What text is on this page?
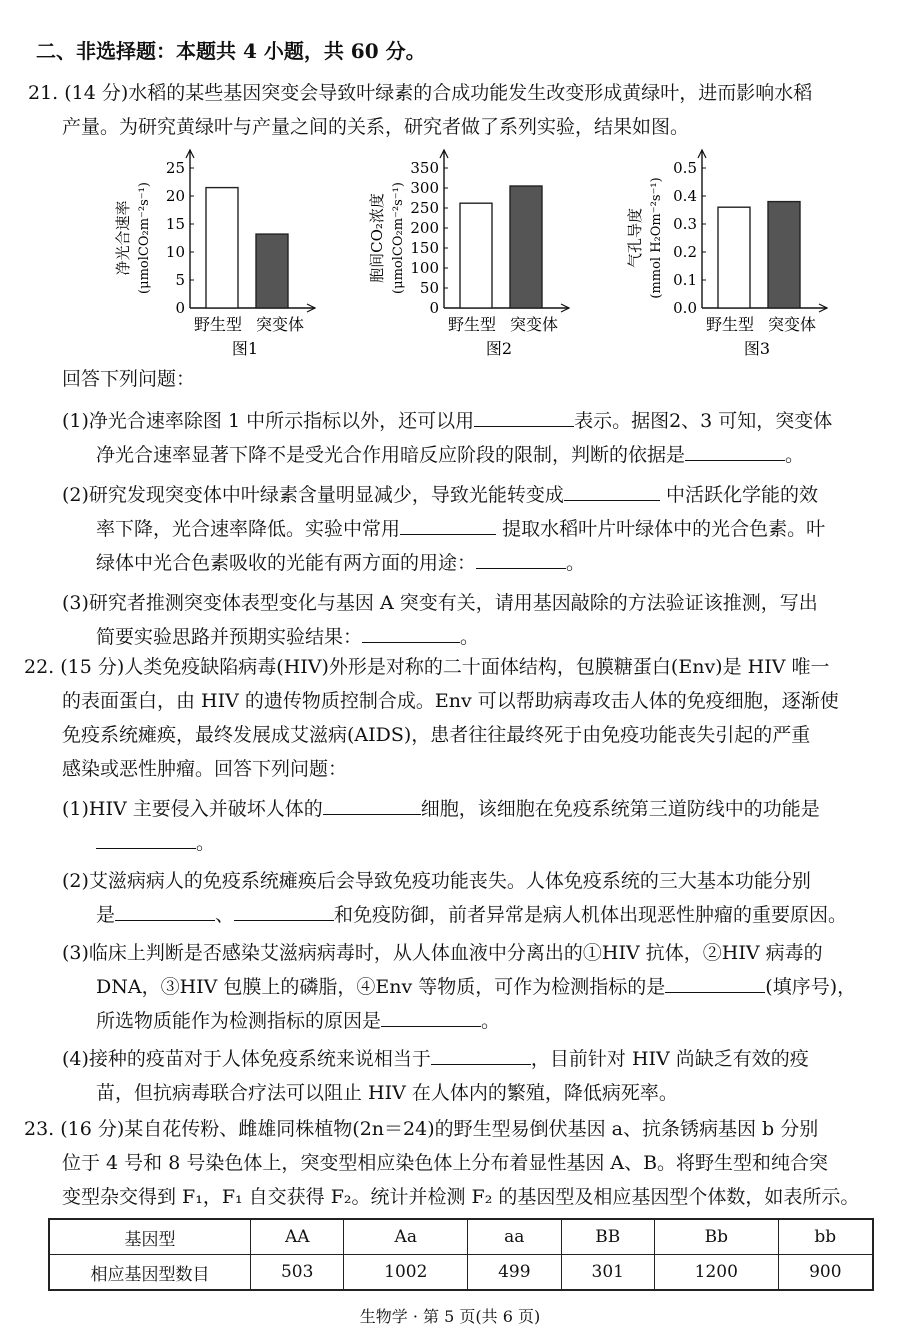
二、非选择题：本题共 4 小题，共 60 分。
21. (14 分)水稻的某些基因突变会导致叶绿素的合成功能发生改变形成黄绿叶，进而影响水稻
产量。为研究黄绿叶与产量之间的关系，研究者做了系列实验，结果如图。
净光合速率 (μmolCO₂m⁻²s⁻¹)
0
5
10
15
20
25
野生型 突变体
图1
胞间CO₂浓度 (μmolCO₂m⁻²s⁻¹)
0
50
100
150
200
250
300
350
野生型 突变体
图2
气孔导度 (mmol H₂Om⁻²s⁻¹)
0.0
0.1
0.2
0.3
0.4
0.5
野生型 突变体
图3
回答下列问题：
(1)净光合速率除图 1 中所示指标以外，还可以用	表示。据图2、3 可知，突变体
净光合速率显著下降不是受光合作用暗反应阶段的限制，判断的依据是	。
(2)研究发现突变体中叶绿素含量明显减少，导致光能转变成	中活跃化学能的效
率下降，光合速率降低。实验中常用	提取水稻叶片叶绿体中的光合色素。叶
绿体中光合色素吸收的光能有两方面的用途：	。
(3)研究者推测突变体表型变化与基因 A 突变有关，请用基因敲除的方法验证该推测，写出
简要实验思路并预期实验结果：	。
22. (15 分)人类免疫缺陷病毒(HIV)外形是对称的二十面体结构，包膜糖蛋白(Env)是 HIV 唯一
的表面蛋白，由 HIV 的遗传物质控制合成。Env 可以帮助病毒攻击人体的免疫细胞，逐渐使
免疫系统瘫痪，最终发展成艾滋病(AIDS)，患者往往最终死于由免疫功能丧失引起的严重
感染或恶性肿瘤。回答下列问题：
(1)HIV 主要侵入并破坏人体的	细胞，该细胞在免疫系统第三道防线中的功能是
。
(2)艾滋病病人的免疫系统瘫痪后会导致免疫功能丧失。人体免疫系统的三大基本功能分别
是	、	和免疫防御，前者异常是病人机体出现恶性肿瘤的重要原因。
(3)临床上判断是否感染艾滋病病毒时，从人体血液中分离出的①HIV 抗体，②HIV 病毒的
DNA，③HIV 包膜上的磷脂，④Env 等物质，可作为检测指标的是	(填序号)，
所选物质能作为检测指标的原因是	。
(4)接种的疫苗对于人体免疫系统来说相当于	，目前针对 HIV 尚缺乏有效的疫
苗，但抗病毒联合疗法可以阻止 HIV 在人体内的繁殖，降低病死率。
23. (16 分)某自花传粉、雌雄同株植物(2n＝24)的野生型易倒伏基因 a、抗条锈病基因 b 分别
位于 4 号和 8 号染色体上，突变型相应染色体上分布着显性基因 A、B。将野生型和纯合突
变型杂交得到 F₁，F₁ 自交获得 F₂。统计并检测 F₂ 的基因型及相应基因型个体数，如表所示。
基因型	AA	Aa	aa	BB	Bb	bb
相应基因型数目	503	1002	499	301	1200	900
生物学 · 第 5 页(共 6 页)
